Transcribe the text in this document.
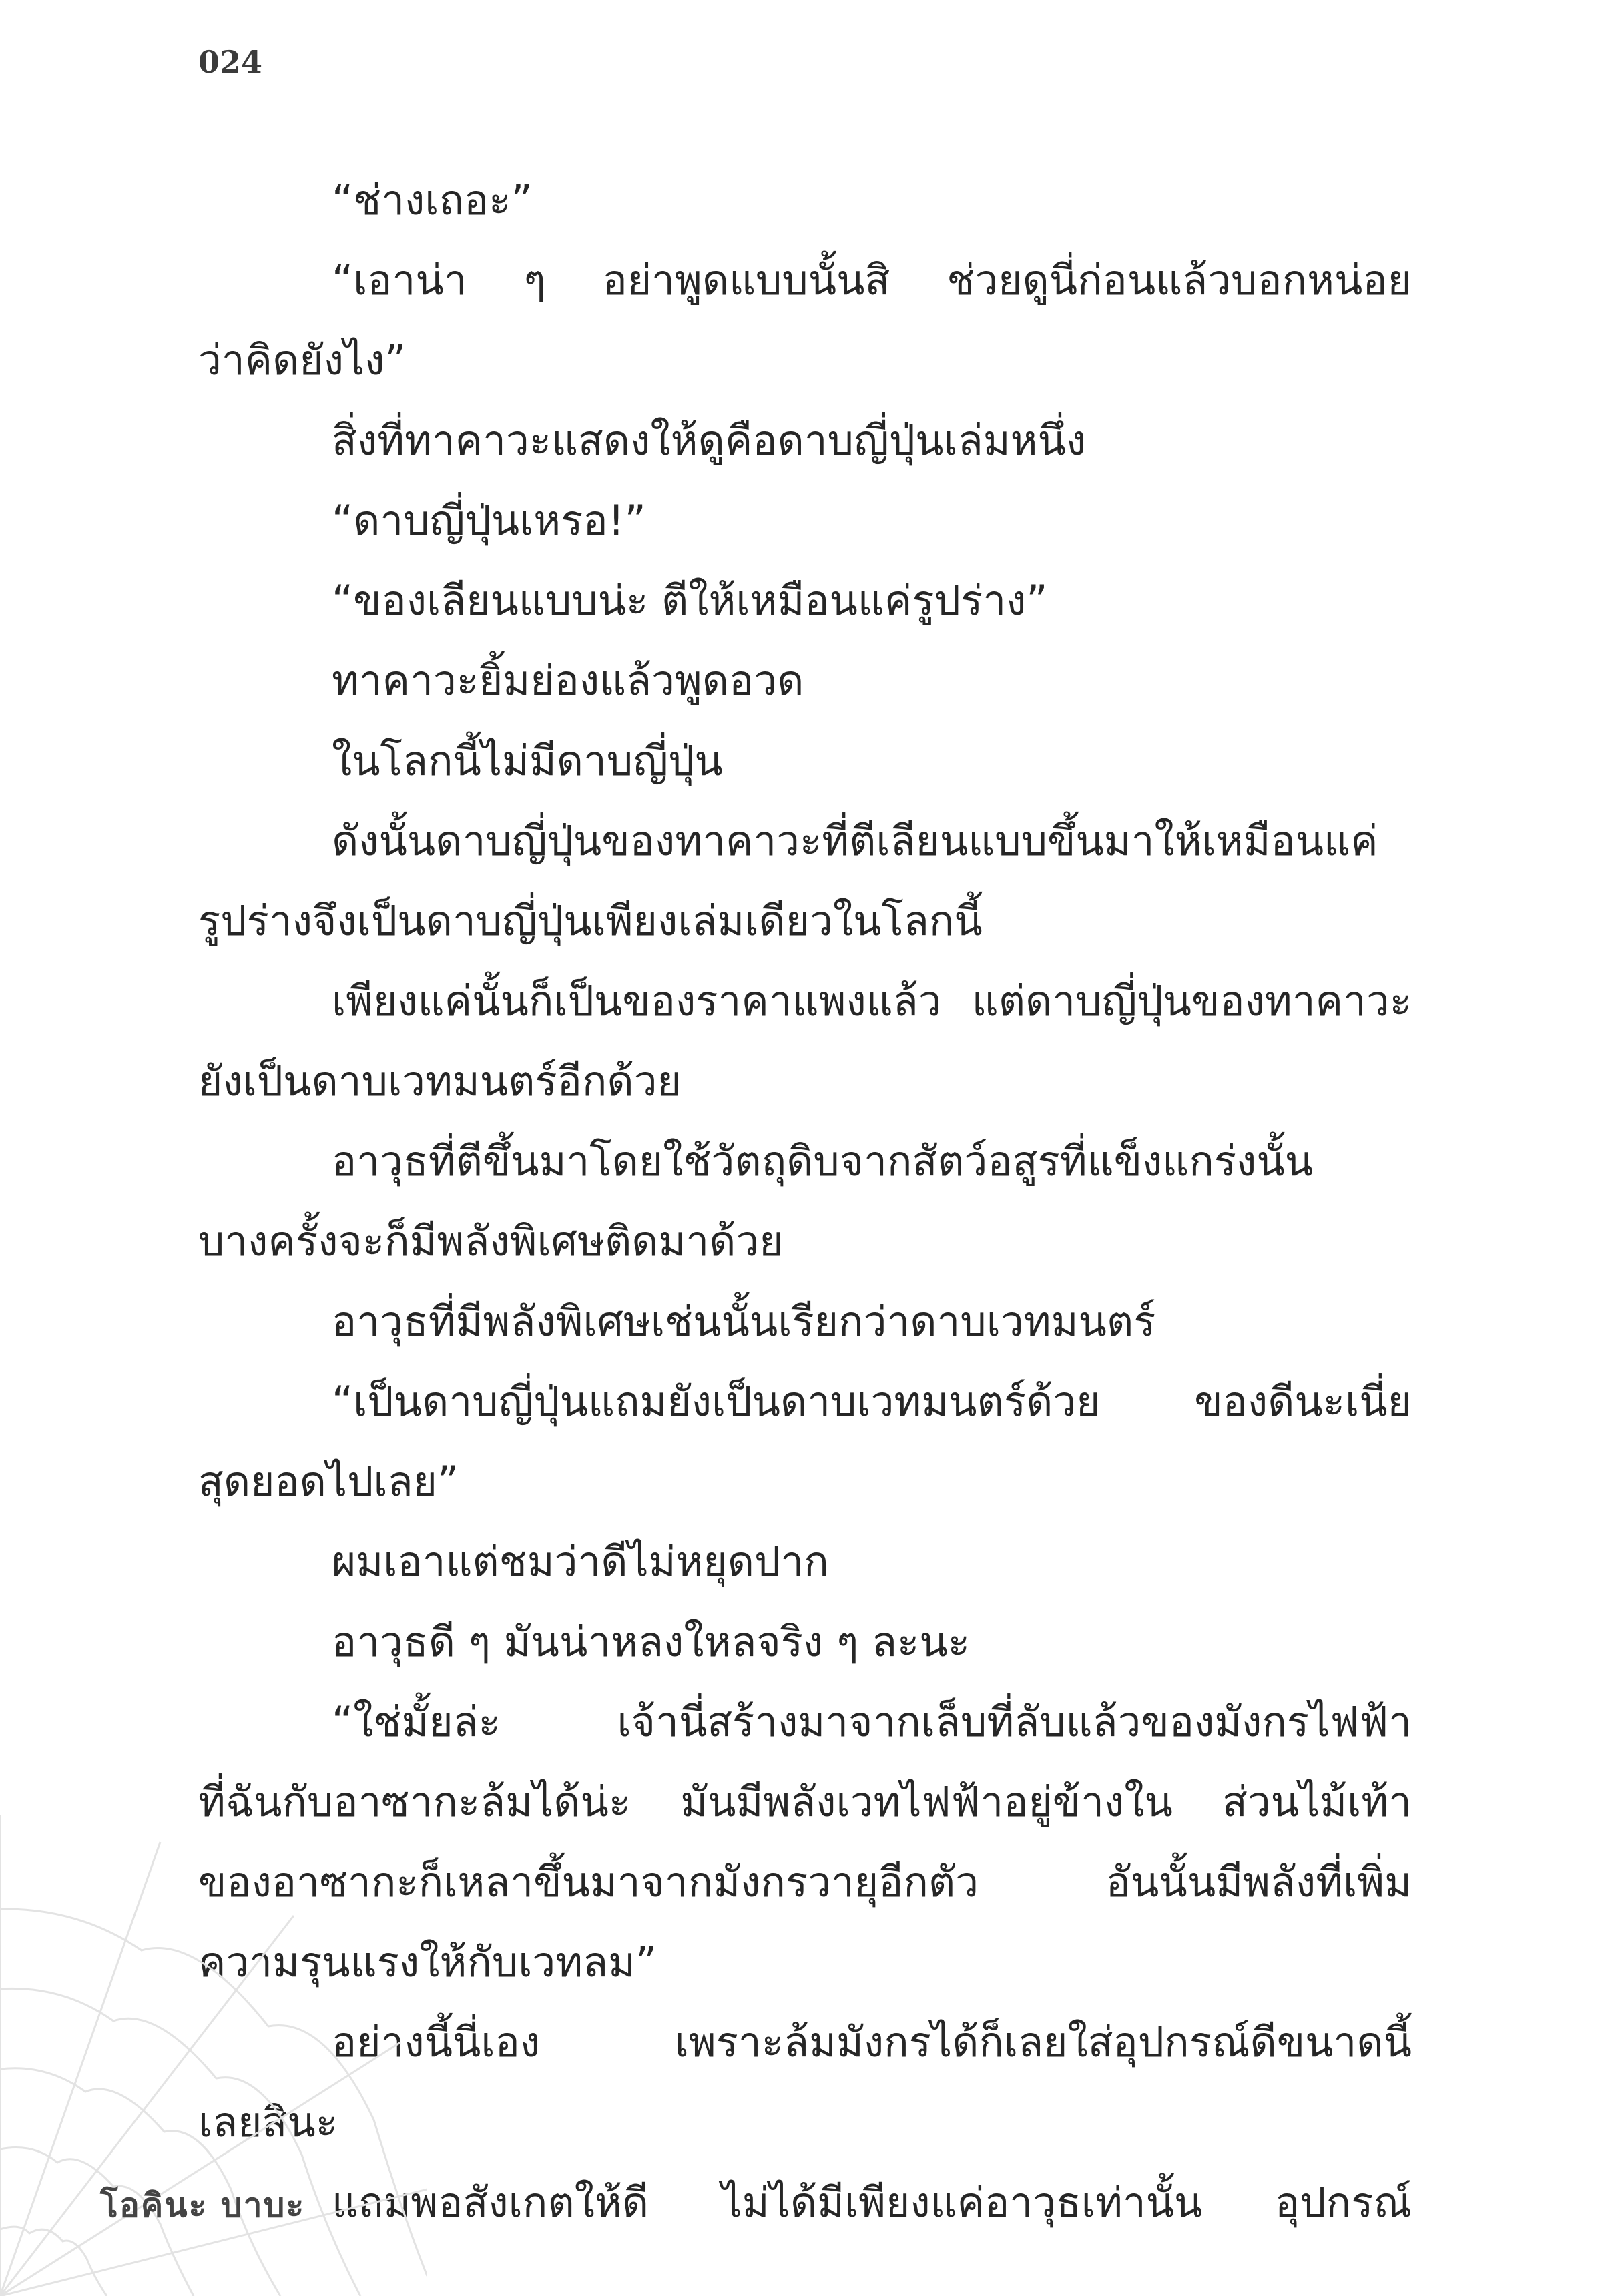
024
“ช่างเถอะ”
“เอาน่า ๆ อย่าพูดแบบนั้นสิ ช่วยดูนี่ก่อนแล้วบอกหน่อย
ว่าคิดยังไง”
สิ่งที่ทาคาวะแสดงให้ดูคือดาบญี่ปุ่นเล่มหนึ่ง
“ดาบญี่ปุ่นเหรอ!”
“ของเลียนแบบน่ะ ตีให้เหมือนแค่รูปร่าง”
ทาคาวะยิ้มย่องแล้วพูดอวด
ในโลกนี้ไม่มีดาบญี่ปุ่น
ดังนั้นดาบญี่ปุ่นของทาคาวะที่ตีเลียนแบบขึ้นมาให้เหมือนแค่
รูปร่างจึงเป็นดาบญี่ปุ่นเพียงเล่มเดียวในโลกนี้
เพียงแค่นั้นก็เป็นของราคาแพงแล้ว แต่ดาบญี่ปุ่นของทาคาวะ
ยังเป็นดาบเวทมนตร์อีกด้วย
อาวุธที่ตีขึ้นมาโดยใช้วัตถุดิบจากสัตว์อสูรที่แข็งแกร่งนั้น
บางครั้งจะก็มีพลังพิเศษติดมาด้วย
อาวุธที่มีพลังพิเศษเช่นนั้นเรียกว่าดาบเวทมนตร์
“เป็นดาบญี่ปุ่นแถมยังเป็นดาบเวทมนตร์ด้วย ของดีนะเนี่ย
สุดยอดไปเลย”
ผมเอาแต่ชมว่าดีไม่หยุดปาก
อาวุธดี ๆ มันน่าหลงใหลจริง ๆ ละนะ
“ใช่มั้ยล่ะ เจ้านี่สร้างมาจากเล็บที่ลับแล้วของมังกรไฟฟ้า
ที่ฉันกับอาซากะล้มได้น่ะ มันมีพลังเวทไฟฟ้าอยู่ข้างใน ส่วนไม้เท้า
ของอาซากะก็เหลาขึ้นมาจากมังกรวายุอีกตัว อันนั้นมีพลังที่เพิ่ม
ความรุนแรงให้กับเวทลม”
อย่างนี้นี่เอง เพราะล้มมังกรได้ก็เลยใส่อุปกรณ์ดีขนาดนี้
เลยสินะ
แถมพอสังเกตให้ดี ไม่ได้มีเพียงแค่อาวุธเท่านั้น อุปกรณ์
โอคินะ บาบะ
